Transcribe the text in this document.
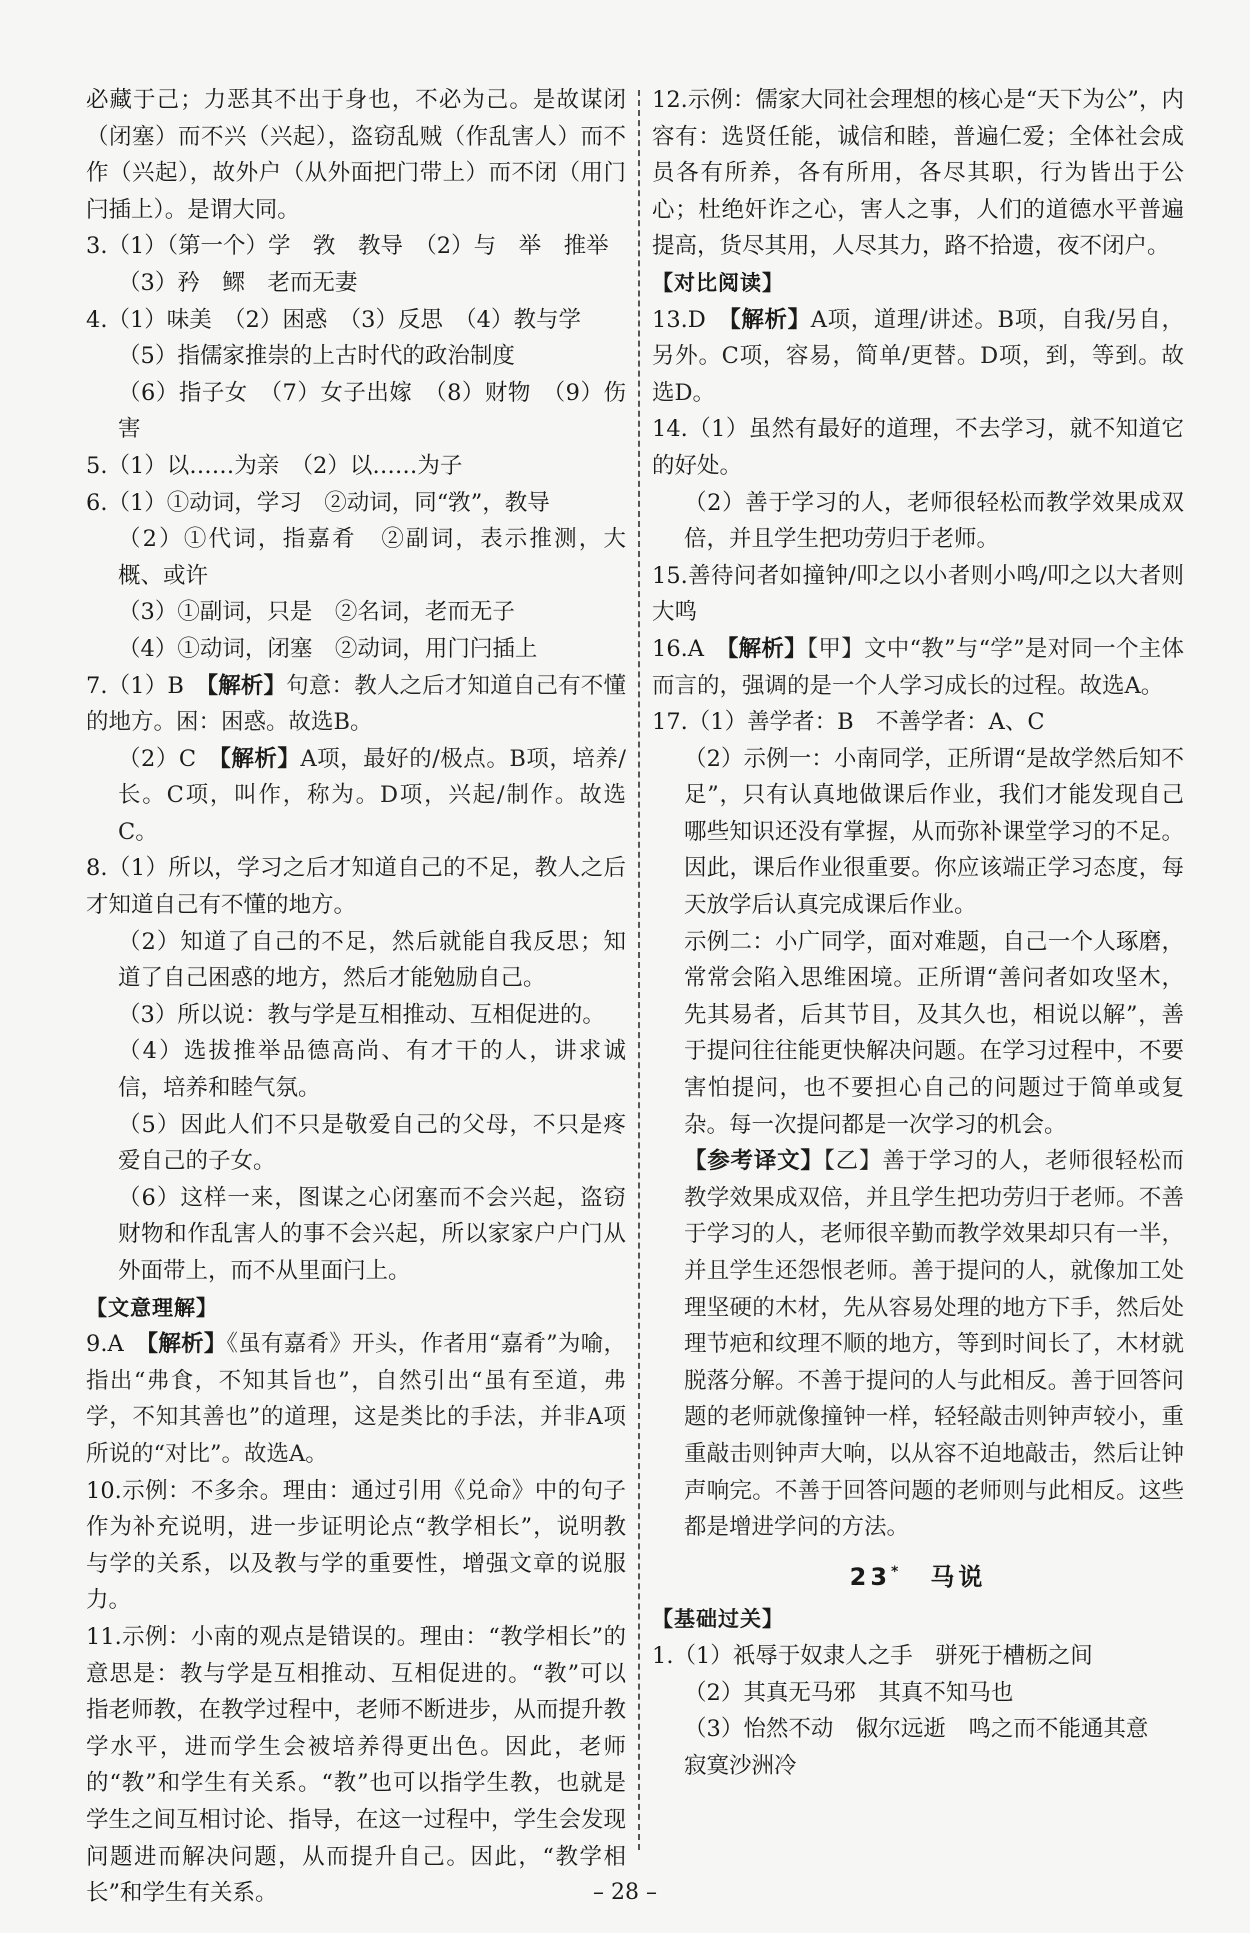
必藏于己；力恶其不出于身也，不必为己。是故谋闭（闭塞）而不兴（兴起），盗窃乱贼（作乱害人）而不作（兴起），故外户（从外面把门带上）而不闭（用门闩插上）。是谓大同。

3.（1）（第一个）学　敩　教导　（2）与　举　推举

（3）矜　鳏　老而无妻

4.（1）味美　（2）困惑　（3）反思　（4）教与学

（5）指儒家推崇的上古时代的政治制度

（6）指子女　（7）女子出嫁　（8）财物　（9）伤害

5.（1）以……为亲　（2）以……为子

6.（1）①动词，学习　②动词，同“敩”，教导

（2）①代词，指嘉肴　②副词，表示推测，大概、或许

（3）①副词，只是　②名词，老而无子

（4）①动词，闭塞　②动词，用门闩插上

7.（1）B　【解析】句意：教人之后才知道自己有不懂的地方。困：困惑。故选B。

（2）C　【解析】A项，最好的/极点。B项，培养/长。C项，叫作，称为。D项，兴起/制作。故选C。

8.（1）所以，学习之后才知道自己的不足，教人之后才知道自己有不懂的地方。

（2）知道了自己的不足，然后就能自我反思；知道了自己困惑的地方，然后才能勉励自己。

（3）所以说：教与学是互相推动、互相促进的。

（4）选拔推举品德高尚、有才干的人，讲求诚信，培养和睦气氛。

（5）因此人们不只是敬爱自己的父母，不只是疼爱自己的子女。

（6）这样一来，图谋之心闭塞而不会兴起，盗窃财物和作乱害人的事不会兴起，所以家家户户门从外面带上，而不从里面闩上。

【文意理解】

9.A　【解析】《虽有嘉肴》开头，作者用“嘉肴”为喻，指出“弗食，不知其旨也”，自然引出“虽有至道，弗学，不知其善也”的道理，这是类比的手法，并非A项所说的“对比”。故选A。

10.示例：不多余。理由：通过引用《兑命》中的句子作为补充说明，进一步证明论点“教学相长”，说明教与学的关系，以及教与学的重要性，增强文章的说服力。

11.示例：小南的观点是错误的。理由：“教学相长”的意思是：教与学是互相推动、互相促进的。“教”可以指老师教，在教学过程中，老师不断进步，从而提升教学水平，进而学生会被培养得更出色。因此，老师的“教”和学生有关系。“教”也可以指学生教，也就是学生之间互相讨论、指导，在这一过程中，学生会发现问题进而解决问题，从而提升自己。因此，“教学相长”和学生有关系。

12.示例：儒家大同社会理想的核心是“天下为公”，内容有：选贤任能，诚信和睦，普遍仁爱；全体社会成员各有所养，各有所用，各尽其职，行为皆出于公心；杜绝奸诈之心，害人之事，人们的道德水平普遍提高，货尽其用，人尽其力，路不拾遗，夜不闭户。

【对比阅读】

13.D　【解析】A项，道理/讲述。B项，自我/另自，另外。C项，容易，简单/更替。D项，到，等到。故选D。

14.（1）虽然有最好的道理，不去学习，就不知道它的好处。

（2）善于学习的人，老师很轻松而教学效果成双倍，并且学生把功劳归于老师。

15.善待问者如撞钟/叩之以小者则小鸣/叩之以大者则大鸣

16.A　【解析】【甲】文中“教”与“学”是对同一个主体而言的，强调的是一个人学习成长的过程。故选A。

17.（1）善学者：B　不善学者：A、C

（2）示例一：小南同学，正所谓“是故学然后知不足”，只有认真地做课后作业，我们才能发现自己哪些知识还没有掌握，从而弥补课堂学习的不足。因此，课后作业很重要。你应该端正学习态度，每天放学后认真完成课后作业。

示例二：小广同学，面对难题，自己一个人琢磨，常常会陷入思维困境。正所谓“善问者如攻坚木，先其易者，后其节目，及其久也，相说以解”，善于提问往往能更快解决问题。在学习过程中，不要害怕提问，也不要担心自己的问题过于简单或复杂。每一次提问都是一次学习的机会。

【参考译文】【乙】善于学习的人，老师很轻松而教学效果成双倍，并且学生把功劳归于老师。不善于学习的人，老师很辛勤而教学效果却只有一半，并且学生还怨恨老师。善于提问的人，就像加工处理坚硬的木材，先从容易处理的地方下手，然后处理节疤和纹理不顺的地方，等到时间长了，木材就脱落分解。不善于提问的人与此相反。善于回答问题的老师就像撞钟一样，轻轻敲击则钟声较小，重重敲击则钟声大响，以从容不迫地敲击，然后让钟声响完。不善于回答问题的老师则与此相反。这些都是增进学问的方法。

23*　 马说

【基础过关】

1.（1）祇辱于奴隶人之手　骈死于槽枥之间

（2）其真无马邪　其真不知马也

（3）怡然不动　俶尔远逝　鸣之而不能通其意

寂寞沙洲冷

– 28 –
